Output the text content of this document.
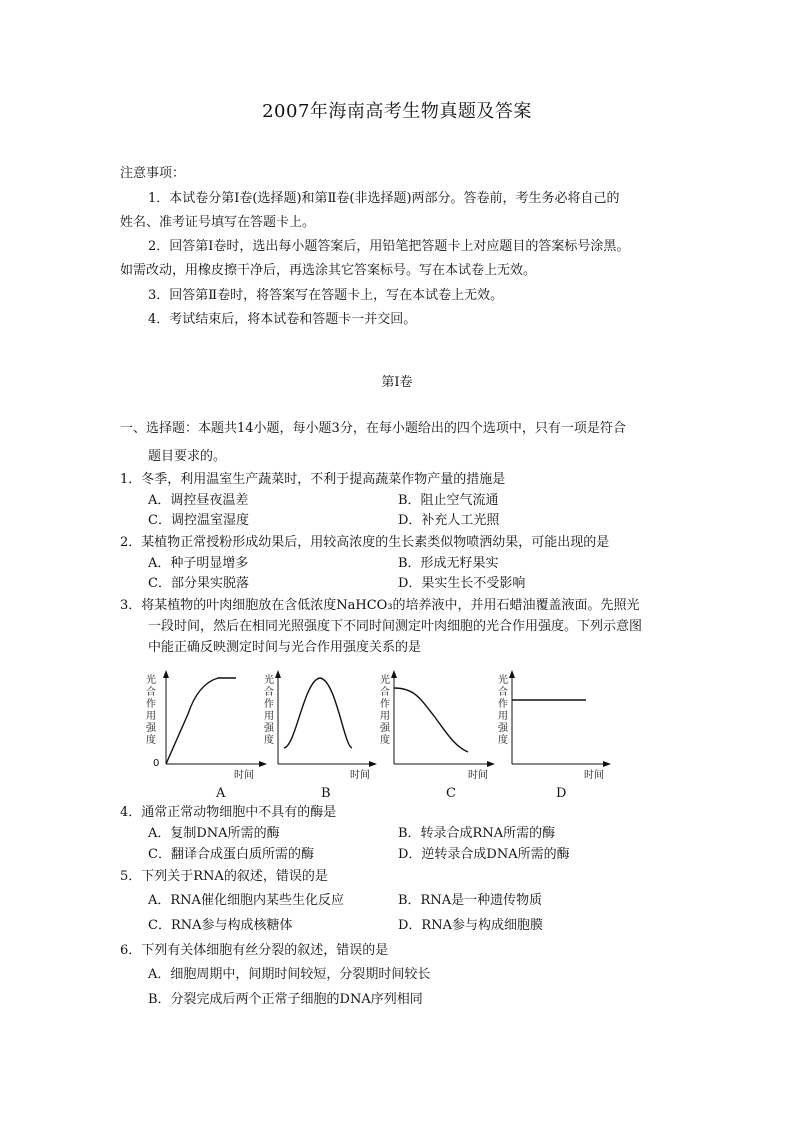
2007年海南高考生物真题及答案
注意事项：
1．本试卷分第Ⅰ卷(选择题)和第Ⅱ卷(非选择题)两部分。答卷前，考生务必将自己的
姓名、准考证号填写在答题卡上。
2．回答第Ⅰ卷时，选出每小题答案后，用铅笔把答题卡上对应题目的答案标号涂黑。
如需改动，用橡皮擦干净后，再选涂其它答案标号。写在本试卷上无效。
3．回答第Ⅱ卷时，将答案写在答题卡上，写在本试卷上无效。
4．考试结束后，将本试卷和答题卡一并交回。
第Ⅰ卷
一、选择题：本题共14小题，每小题3分，在每小题给出的四个选项中，只有一项是符合
题目要求的。
1．冬季，利用温室生产蔬菜时，不利于提高蔬菜作物产量的措施是
A．调控昼夜温差	B．阻止空气流通
C．调控温室湿度	D．补充人工光照
2．某植物正常授粉形成幼果后，用较高浓度的生长素类似物喷洒幼果，可能出现的是
A．种子明显增多	B．形成无籽果实
C．部分果实脱落	D．果实生长不受影响
3．将某植物的叶肉细胞放在含低浓度NaHCO₃的培养液中，并用石蜡油覆盖液面。先照光
一段时间，然后在相同光照强度下不同时间测定叶肉细胞的光合作用强度。下列示意图
中能正确反映测定时间与光合作用强度关系的是
光
合
作
用
强
度
0
时间
光
合
作
用
强
度
时间
光
合
作
用
强
度
时间
光
合
作
用
强
度
时间
A	B	C	D
4．通常正常动物细胞中不具有的酶是
A．复制DNA所需的酶	B．转录合成RNA所需的酶
C．翻译合成蛋白质所需的酶	D．逆转录合成DNA所需的酶
5．下列关于RNA的叙述，错误的是
A．RNA催化细胞内某些生化反应	B．RNA是一种遗传物质
C．RNA参与构成核糖体	D．RNA参与构成细胞膜
6．下列有关体细胞有丝分裂的叙述，错误的是
A．细胞周期中，间期时间较短，分裂期时间较长
B．分裂完成后两个正常子细胞的DNA序列相同
